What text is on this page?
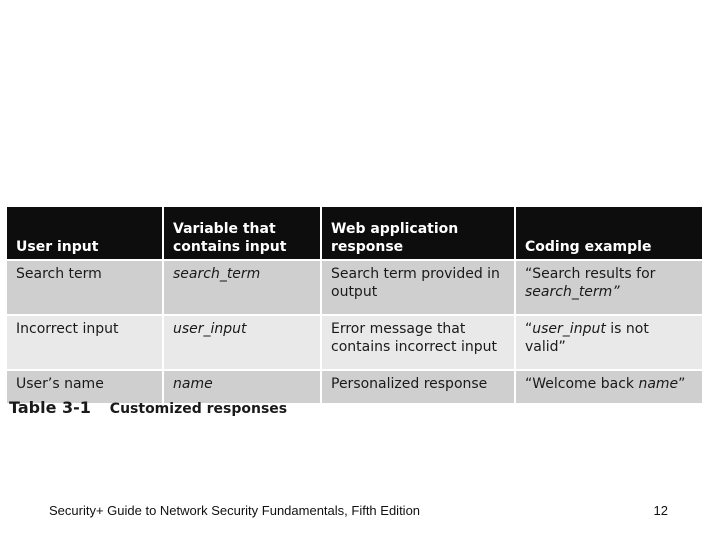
User input	Variable that contains input	Web application response	Coding example
Search term	search_term	Search term provided in output	“Search results for search_term”
Incorrect input	user_input	Error message that contains incorrect input	“user_input is not valid”
User’s name	name	Personalized response	“Welcome back name”
Table 3-1 Customized responses
Security+ Guide to Network Security Fundamentals, Fifth Edition	12
